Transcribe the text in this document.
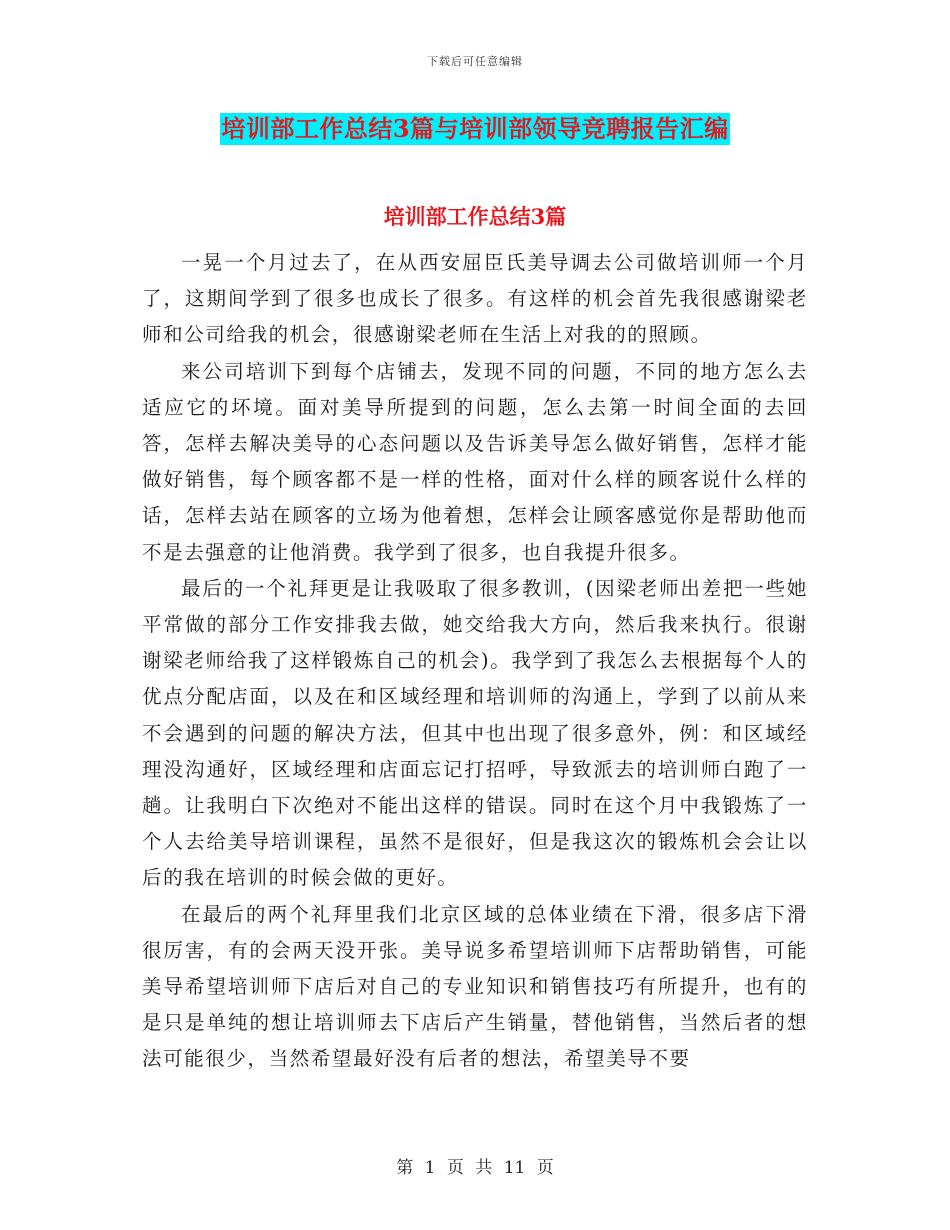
下载后可任意编辑
培训部工作总结3篇与培训部领导竞聘报告汇编
培训部工作总结3篇

一晃一个月过去了，在从西安屈臣氏美导调去公司做培训师一个月了，这期间学到了很多也成长了很多。有这样的机会首先我很感谢梁老师和公司给我的机会，很感谢梁老师在生活上对我的的照顾。

来公司培训下到每个店铺去，发现不同的问题，不同的地方怎么去适应它的坏境。面对美导所提到的问题，怎么去第一时间全面的去回答，怎样去解决美导的心态问题以及告诉美导怎么做好销售，怎样才能做好销售，每个顾客都不是一样的性格，面对什么样的顾客说什么样的话，怎样去站在顾客的立场为他着想，怎样会让顾客感觉你是帮助他而不是去强意的让他消费。我学到了很多，也自我提升很多。

最后的一个礼拜更是让我吸取了很多教训，(因梁老师出差把一些她平常做的部分工作安排我去做，她交给我大方向，然后我来执行。很谢谢梁老师给我了这样锻炼自己的机会)。我学到了我怎么去根据每个人的优点分配店面，以及在和区域经理和培训师的沟通上，学到了以前从来不会遇到的问题的解决方法，但其中也出现了很多意外，例：和区域经理没沟通好，区域经理和店面忘记打招呼，导致派去的培训师白跑了一趟。让我明白下次绝对不能出这样的错误。同时在这个月中我锻炼了一个人去给美导培训课程，虽然不是很好，但是我这次的锻炼机会会让以后的我在培训的时候会做的更好。

在最后的两个礼拜里我们北京区域的总体业绩在下滑，很多店下滑很厉害，有的会两天没开张。美导说多希望培训师下店帮助销售，可能美导希望培训师下店后对自己的专业知识和销售技巧有所提升，也有的是只是单纯的想让培训师去下店后产生销量，替他销售，当然后者的想法可能很少，当然希望最好没有后者的想法，希望美导不要

第 1 页 共 11 页
